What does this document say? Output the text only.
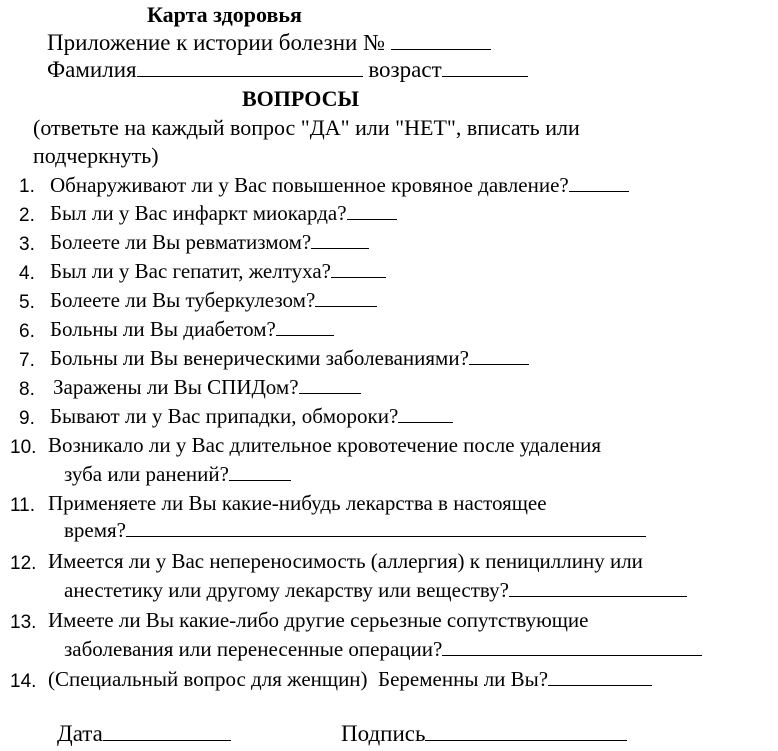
Карта здоровья
Приложение к истории болезни №
Фамилия	возраст
ВОПРОСЫ
(ответьте на каждый вопрос "ДА" или "НЕТ", вписать или
подчеркнуть)
1. Обнаруживают ли у Вас повышенное кровяное давление?
2. Был ли у Вас инфаркт миокарда?
3. Болеете ли Вы ревматизмом?
4. Был ли у Вас гепатит, желтуха?
5. Болеете ли Вы туберкулезом?
6. Больны ли Вы диабетом?
7. Больны ли Вы венерическими заболеваниями?
8. Заражены ли Вы СПИДом?
9. Бывают ли у Вас припадки, обмороки?
10. Возникало ли у Вас длительное кровотечение после удаления
зуба или ранений?
11. Применяете ли Вы какие-нибудь лекарства в настоящее
время?
12. Имеется ли у Вас непереносимость (аллергия) к пенициллину или
анестетику или другому лекарству или веществу?
13. Имеете ли Вы какие-либо другие серьезные сопутствующие
заболевания или перенесенные операции?
14. (Специальный вопрос для женщин)  Беременны ли Вы?
Дата	Подпись
